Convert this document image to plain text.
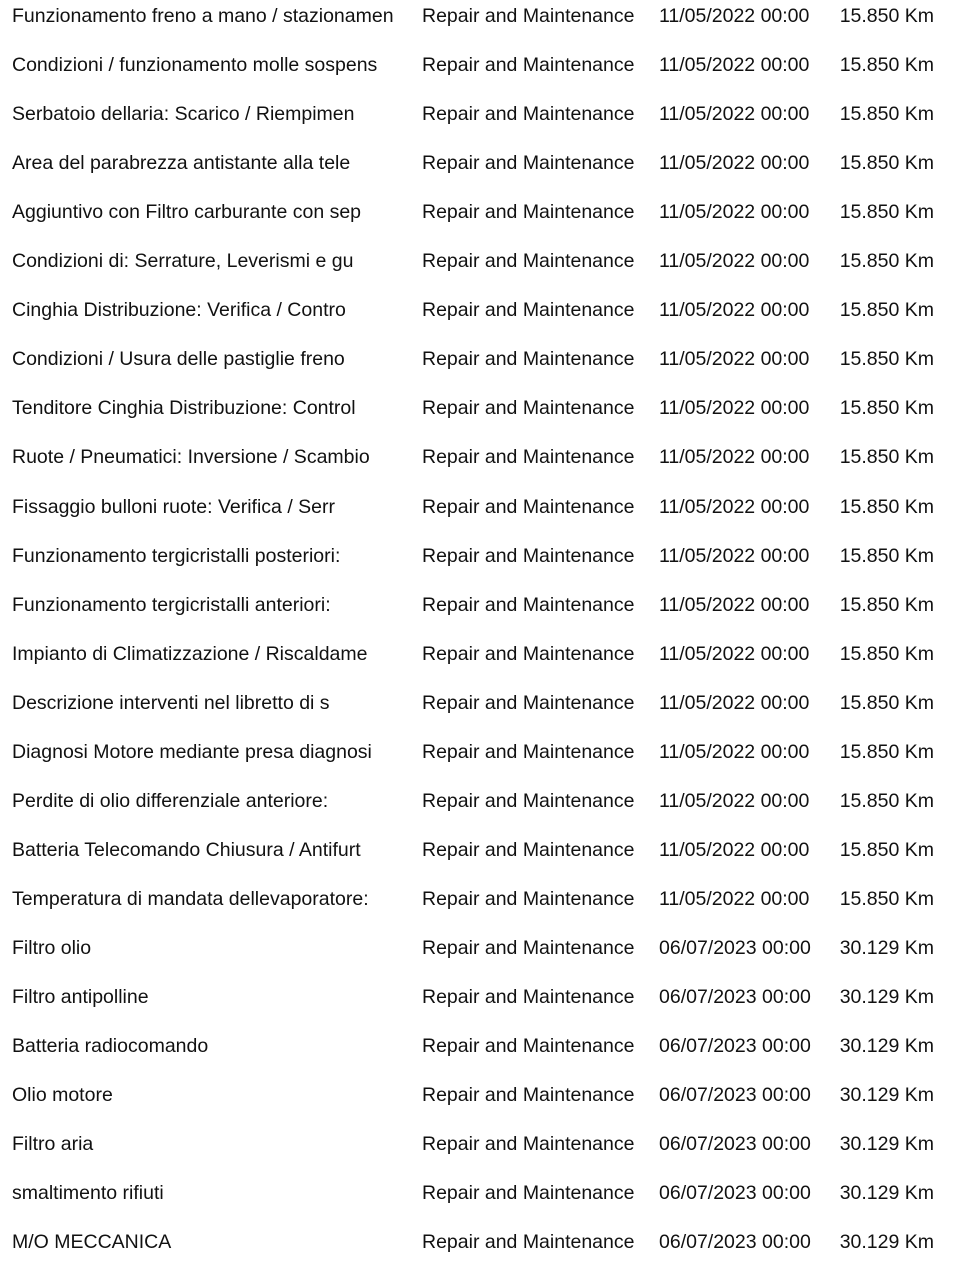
Funzionamento freno a mano / stazionamen	Repair and Maintenance	11/05/2022 00:00	15.850 Km
Condizioni / funzionamento molle sospens	Repair and Maintenance	11/05/2022 00:00	15.850 Km
Serbatoio dellaria: Scarico / Riempimen	Repair and Maintenance	11/05/2022 00:00	15.850 Km
Area del parabrezza antistante alla tele	Repair and Maintenance	11/05/2022 00:00	15.850 Km
Aggiuntivo con Filtro carburante con sep	Repair and Maintenance	11/05/2022 00:00	15.850 Km
Condizioni di: Serrature, Leverismi e gu	Repair and Maintenance	11/05/2022 00:00	15.850 Km
Cinghia Distribuzione: Verifica / Contro	Repair and Maintenance	11/05/2022 00:00	15.850 Km
Condizioni / Usura delle pastiglie freno	Repair and Maintenance	11/05/2022 00:00	15.850 Km
Tenditore Cinghia Distribuzione: Control	Repair and Maintenance	11/05/2022 00:00	15.850 Km
Ruote / Pneumatici: Inversione / Scambio	Repair and Maintenance	11/05/2022 00:00	15.850 Km
Fissaggio bulloni ruote: Verifica / Serr	Repair and Maintenance	11/05/2022 00:00	15.850 Km
Funzionamento tergicristalli posteriori:	Repair and Maintenance	11/05/2022 00:00	15.850 Km
Funzionamento tergicristalli anteriori:	Repair and Maintenance	11/05/2022 00:00	15.850 Km
Impianto di Climatizzazione / Riscaldame	Repair and Maintenance	11/05/2022 00:00	15.850 Km
Descrizione interventi nel libretto di s	Repair and Maintenance	11/05/2022 00:00	15.850 Km
Diagnosi Motore mediante presa diagnosi	Repair and Maintenance	11/05/2022 00:00	15.850 Km
Perdite di olio differenziale anteriore:	Repair and Maintenance	11/05/2022 00:00	15.850 Km
Batteria Telecomando Chiusura / Antifurt	Repair and Maintenance	11/05/2022 00:00	15.850 Km
Temperatura di mandata dellevaporatore:	Repair and Maintenance	11/05/2022 00:00	15.850 Km
Filtro olio	Repair and Maintenance	06/07/2023 00:00	30.129 Km
Filtro antipolline	Repair and Maintenance	06/07/2023 00:00	30.129 Km
Batteria radiocomando	Repair and Maintenance	06/07/2023 00:00	30.129 Km
Olio motore	Repair and Maintenance	06/07/2023 00:00	30.129 Km
Filtro aria	Repair and Maintenance	06/07/2023 00:00	30.129 Km
smaltimento rifiuti	Repair and Maintenance	06/07/2023 00:00	30.129 Km
M/O MECCANICA	Repair and Maintenance	06/07/2023 00:00	30.129 Km
